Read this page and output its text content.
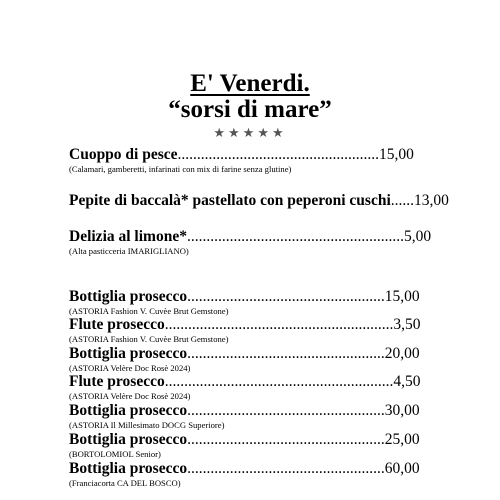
E' Venerdi.
“sorsi di mare”
★★★★★
Cuoppo di pesce....................................................15,00
(Calamari, gamberetti, infarinati con mix di farine senza glutine)
Pepite di baccalà* pastellato con peperoni cuschi......13,00
Delizia al limone*........................................................5,00
(Alta pasticceria IMARIGLIANO)
Bottiglia prosecco...................................................15,00
(ASTORIA Fashion V. Cuvèe Brut Gemstone)
Flute prosecco...........................................................3,50
(ASTORIA Fashion V. Cuvèe Brut Gemstone)
Bottiglia prosecco...................................................20,00
(ASTORIA Velère Doc Rosè 2024)
Flute prosecco...........................................................4,50
(ASTORIA Velère Doc Rosè 2024)
Bottiglia prosecco...................................................30,00
(ASTORIA Il Millesimato DOCG Superiore)
Bottiglia prosecco...................................................25,00
(BORTOLOMIOL Senior)
Bottiglia prosecco...................................................60,00
(Franciacorta CA DEL BOSCO)
